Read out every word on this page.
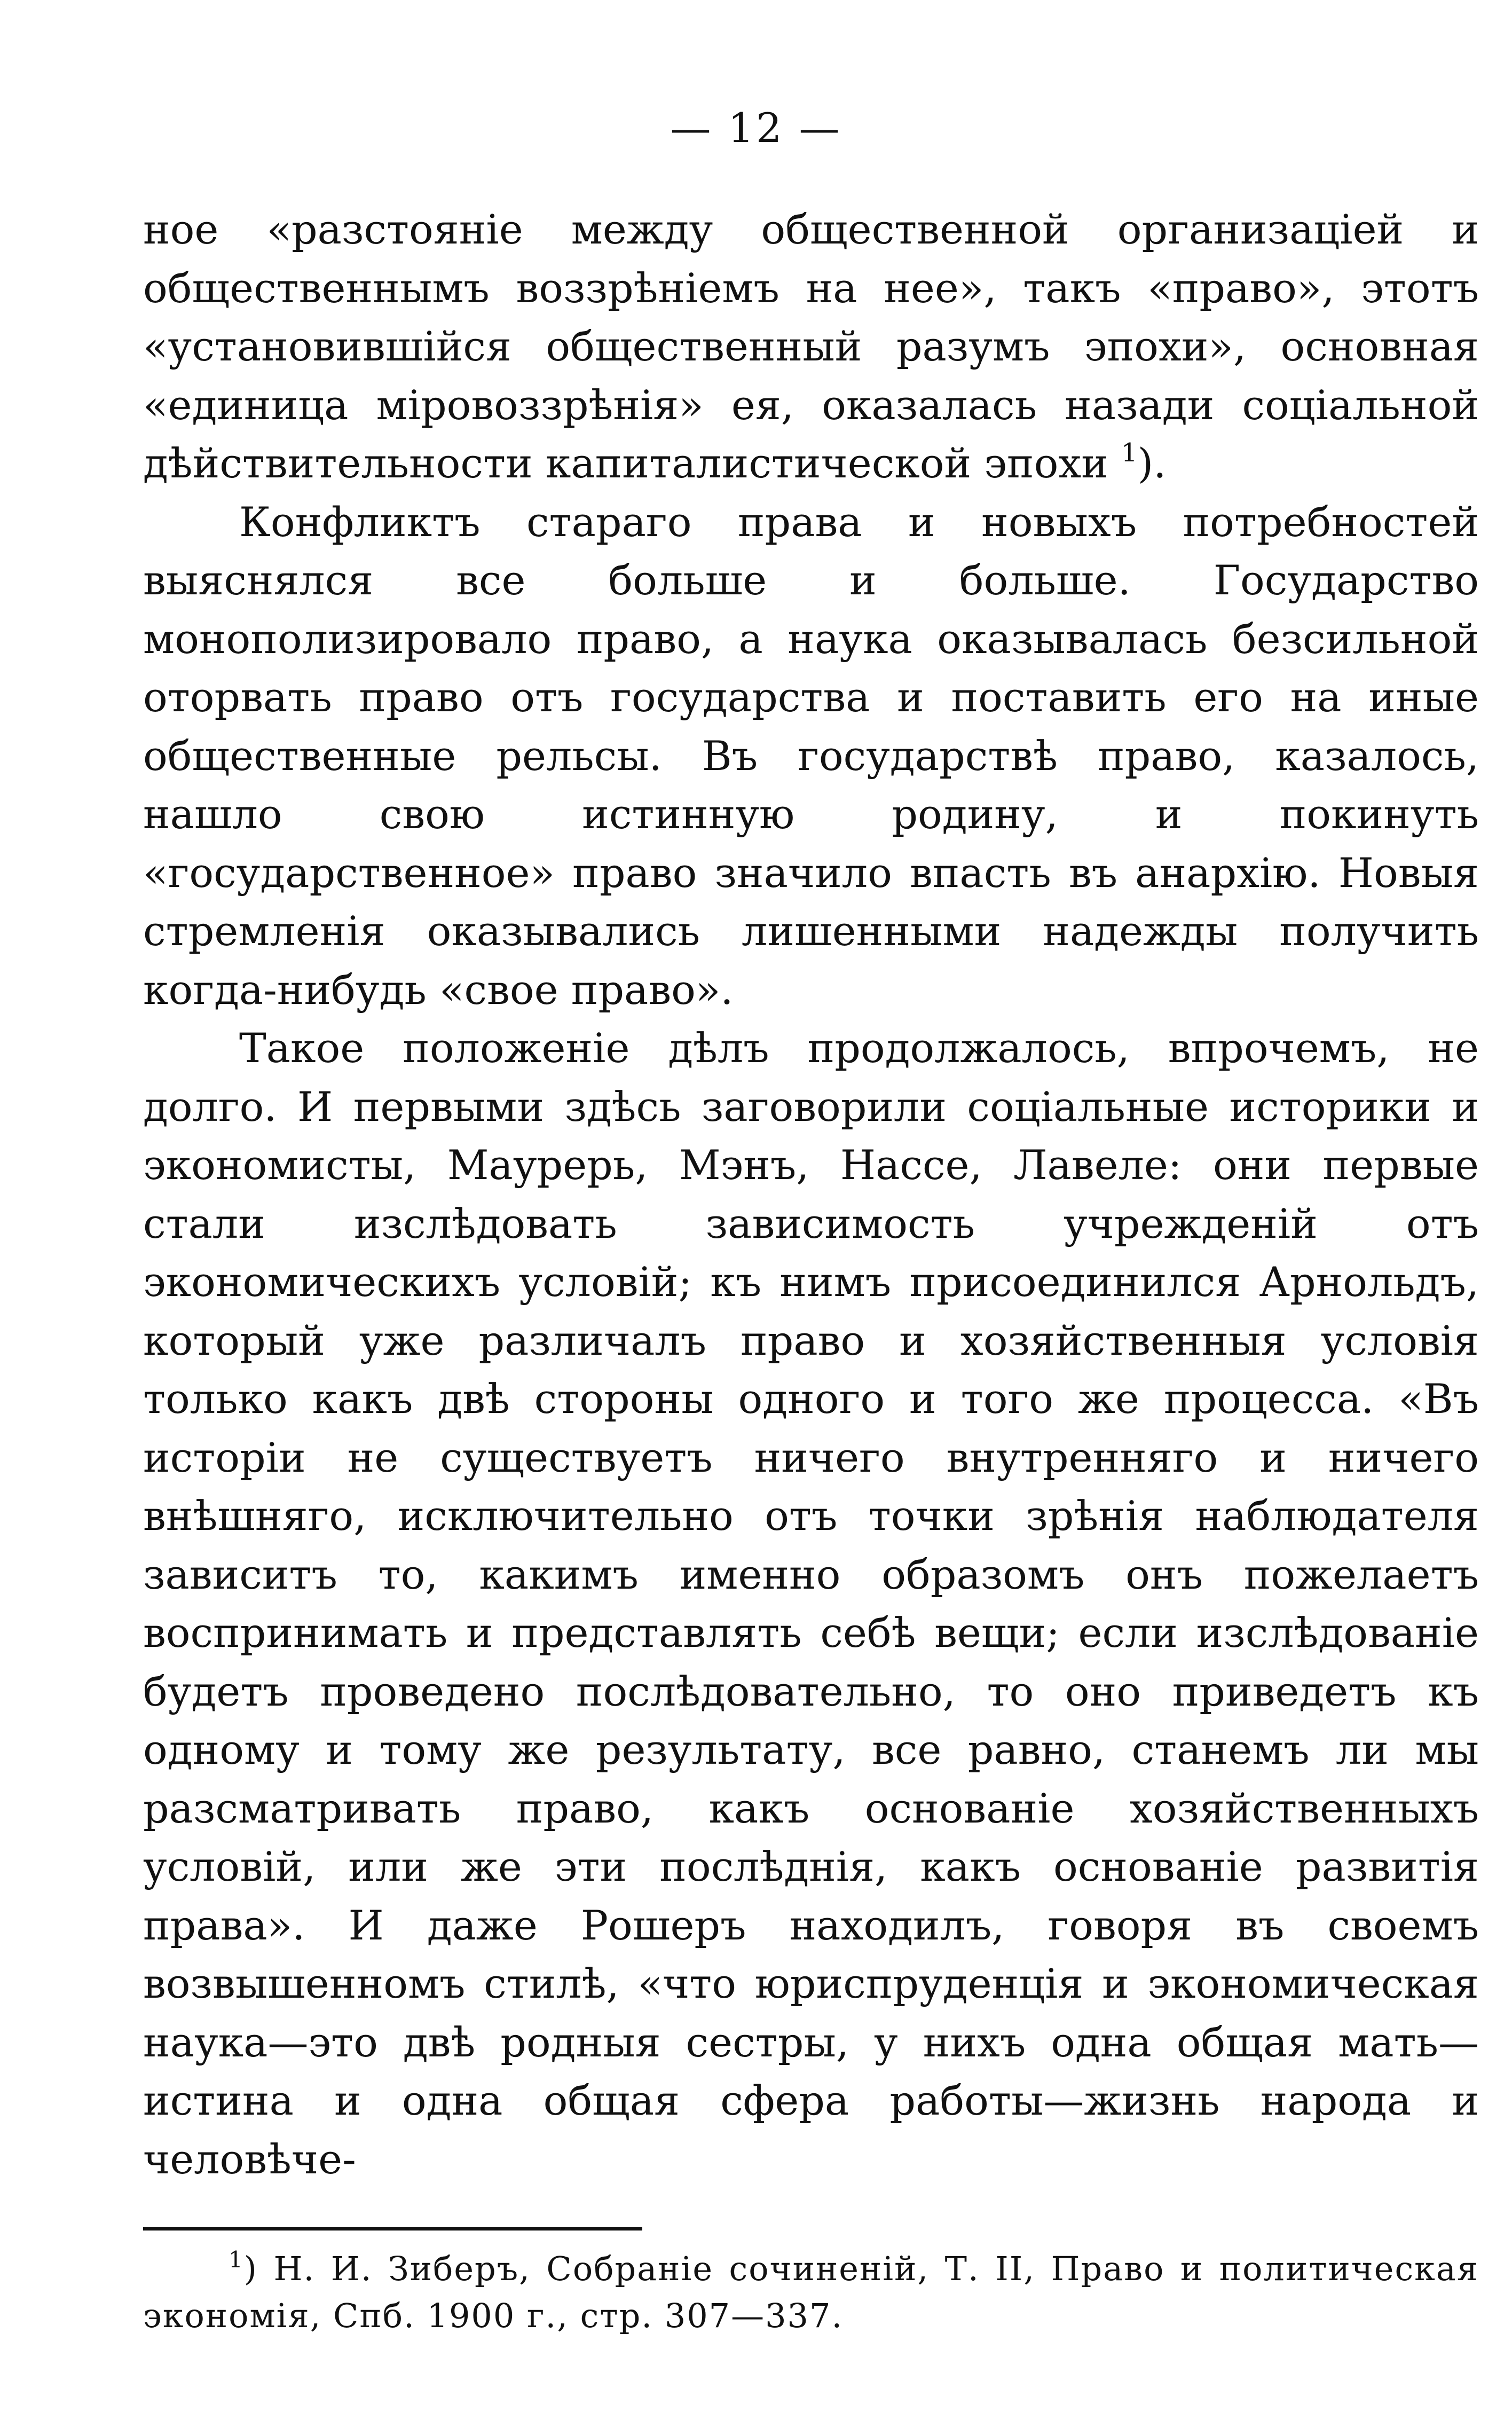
— 12 —

ное «разстояніе между общественной организаціей и общественнымъ воззрѣніемъ на нее», такъ «право», этотъ «установившійся общественный разумъ эпохи», основная «единица міровоззрѣнія» ея, оказалась назади соціальной дѣйствительности капиталистической эпохи $^1$).

Конфликтъ стараго права и новыхъ потребностей выяснялся все больше и больше. Государство монополизировало право, а наука оказывалась безсильной оторвать право отъ государства и поставить его на иные общественные рельсы. Въ государствѣ право, казалось, нашло свою истинную родину, и покинуть «государственное» право значило впасть въ анархію. Новыя стремленія оказывались лишенными надежды получить когда-нибудь «свое право».

Такое положеніе дѣлъ продолжалось, впрочемъ, не долго. И первыми здѣсь заговорили соціальные историки и экономисты, Маурерь, Мэнъ, Нассе, Лавеле: они первые стали изслѣдовать зависимость учрежденій отъ экономическихъ условій; къ нимъ присоединился Арнольдъ, который уже различалъ право и хозяйственныя условія только какъ двѣ стороны одного и того же процесса. «Въ исторіи не существуетъ ничего внутренняго и ничего внѣшняго, исключительно отъ точки зрѣнія наблюдателя зависитъ то, какимъ именно образомъ онъ пожелаетъ воспринимать и представлять себѣ вещи; если изслѣдованіе будетъ проведено послѣдовательно, то оно приведетъ къ одному и тому же результату, все равно, станемъ ли мы разсматривать право, какъ основаніе хозяйственныхъ условій, или же эти послѣднія, какъ основаніе развитія права». И даже Рошеръ находилъ, говоря въ своемъ возвышенномъ стилѣ, «что юриспруденція и экономическая наука—это двѣ родныя сестры, у нихъ одна общая мать—истина и одна общая сфера работы—жизнь народа и человѣче-

$^1$) Н. И. Зиберъ, Собраніе сочиненій, Т. II, Право и политическая экономія, Спб. 1900 г., стр. 307—337.
